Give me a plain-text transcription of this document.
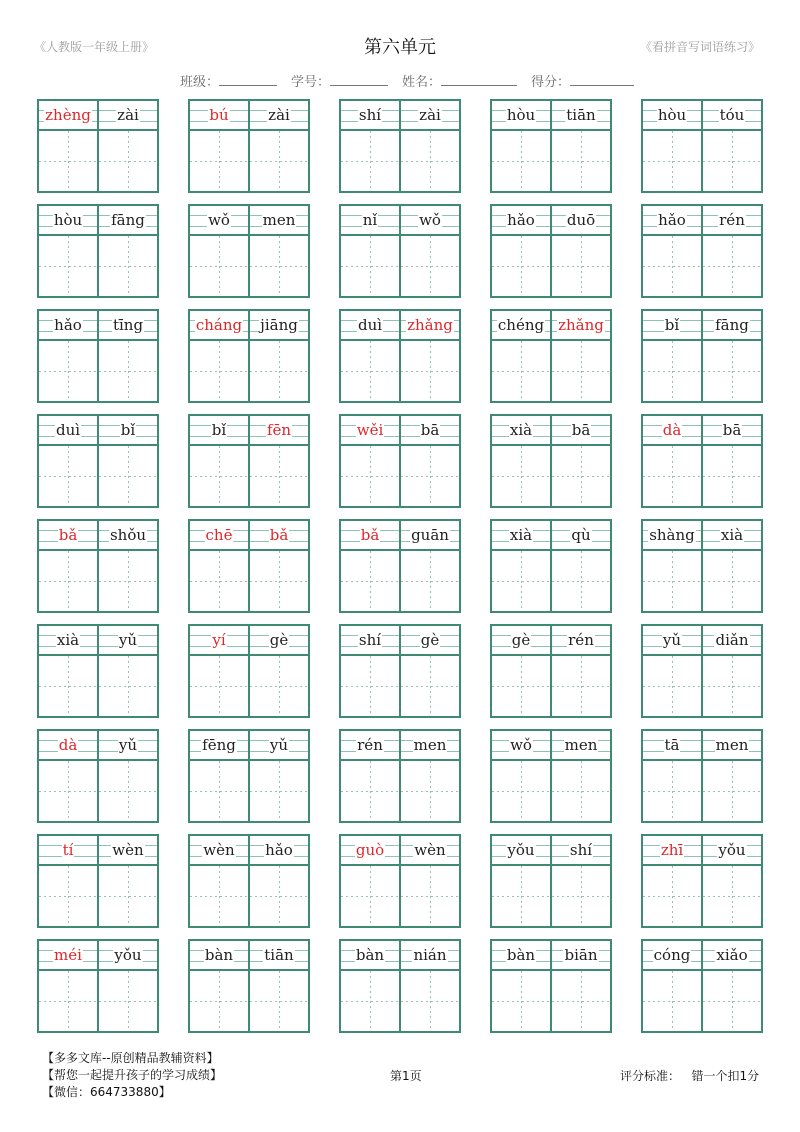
《人教版一年级上册》	第六单元	《看拼音写词语练习》
班级：	学号：	姓名：	得分：
zhèng zài	bú	zài	shí	zài	hòu tiān	hòu tóu
hòu fāng	wǒ men	nǐ	wǒ	hǎo duō	hǎo rén
hǎo tīng	cháng jiāng	duì zhǎng	chéng zhǎng	bǐ fāng
duì	bǐ	bǐ	fēn	wěi bā	xià	bā	dà	bā
bǎ shǒu	chē bǎ	bǎ guān	xià	qù	shàng xià
xià	yǔ	yí	gè	shí	gè	gè	rén	yǔ diǎn
dà	yǔ	fēng yǔ	rén men	wǒ men	tā men
tí	wèn	wèn hǎo	guò wèn	yǒu shí	zhī yǒu
méi yǒu	bàn tiān	bàn nián	bàn biān	cóng xiǎo
【多多文库--原创精品教辅资料】
【帮您一起提升孩子的学习成绩】
【微信：664733880】
第1页	评分标准： 错一个扣1分
